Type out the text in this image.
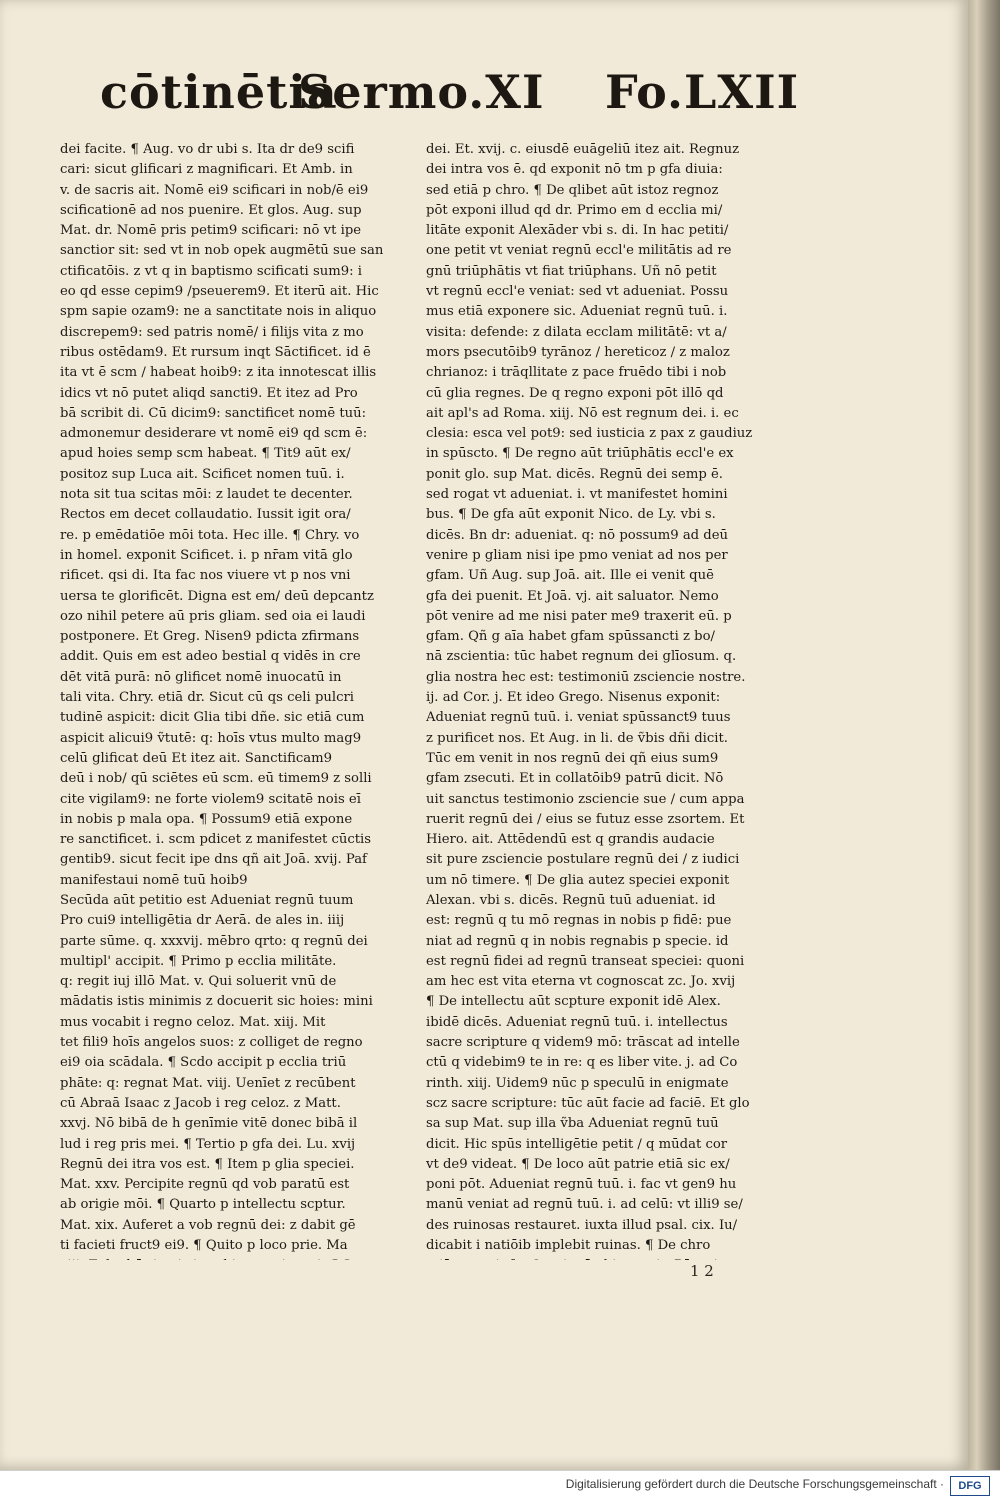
cōtinētia
Sermo.XI Fo.LXII
dei facite. ¶ Aug. vo dr ubi s. Ita dr de9 scifi
cari: sicut glificari z magnificari. Et Amb. in
v. de sacris ait. Nomē ei9 scificari in nob/ē ei9
scificationē ad nos puenire. Et glos. Aug. sup
Mat. dr. Nomē pris petim9 scificari: nō vt ipe
sanctior sit: sed vt in nob opek augmētū sue san
ctificatōis. z vt q in baptismo scificati sum9: i
eo qd esse cepim9 /pseuerem9. Et iterū ait. Hic
spm sapie ozam9: ne a sanctitate nois in aliquo
discrepem9: sed patris nomē/ i filijs vita z mo
ribus ostēdam9. Et rursum inqt Sāctificet. id ē
ita vt ē scm / habeat hoib9: z ita innotescat illis
idics vt nō putet aliqd sancti9. Et itez ad Pro
bā scribit di. Cū dicim9: sanctificet nomē tuū:
admonemur desiderare vt nomē ei9 qd scm ē:
apud hoies semp scm habeat. ¶ Tit9 aūt ex/
positoz sup Luca ait. Scificet nomen tuū. i.
nota sit tua scitas mōi: z laudet te decenter.
Rectos em decet collaudatio. Iussit igit ora/
re. p emēdatiōe mōi tota. Hec ille. ¶ Chry. vo
in homel. exponit Scificet. i. p nr̄am vitā glo
rificet. qsi di. Ita fac nos viuere vt p nos vni
uersa te glorificēt. Digna est em/ deū depcantz
ozo nihil petere aū pris gliam. sed oia ei laudi
postponere. Et Greg. Nisen9 pdicta zfirmans
addit. Quis em est adeo bestial q vidēs in cre
dēt vitā purā: nō glificet nomē inuocatū in
tali vita. Chry. etiā dr. Sicut cū qs celi pulcri
tudinē aspicit: dicit Glia tibi dñe. sic etiā cum
aspicit alicui9 ṽtutē: q: hoīs vtus multo mag9
celū glificat deū Et itez ait. Sanctificam9
deū i nob/ qū sciētes eū scm. eū timem9 z solli
cite vigilam9: ne forte violem9 scitatē nois eī
in nobis p mala opa. ¶ Possum9 etiā expone
re sanctificet. i. scm pdicet z manifestet cūctis
gentib9. sicut fecit ipe dns qñ ait Joā. xvij. Paf
manifestaui nomē tuū hoib9
Secūda aūt petitio est Adueniat regnū tuum
Pro cui9 intelligētia dr Aerā. de ales in. iiij
parte sūme. q. xxxvij. mēbro qrto: q regnū dei
multipl' accipit. ¶ Primo p ecclia militāte.
q: regit iuj illō Mat. v. Qui soluerit vnū de
mādatis istis minimis z docuerit sic hoies: mini
mus vocabit i regno celoz. Mat. xiij. Mit
tet fili9 hoīs angelos suos: z colliget de regno
ei9 oia scādala. ¶ Scdo accipit p ecclia triū
phāte: q: regnat Mat. viij. Uenīet z recūbent
cū Abraā Isaac z Jacob i reg celoz. z Matt.
xxvj. Nō bibā de h genīmie vitē donec bibā il
lud i reg pris mei. ¶ Tertio p gfa dei. Lu. xvij
Regnū dei itra vos est. ¶ Item p glia speciei.
Mat. xxv. Percipite regnū qd vob paratū est
ab origie mōi. ¶ Quarto p intellectu scptur.
Mat. xix. Auferet a vob regnū dei: z dabit gē
ti facieti fruct9 ei9. ¶ Quito p loco prie. Ma
dei. Et. xvij. c. eiusdē euāgeliū itez ait. Regnuz
dei intra vos ē. qd exponit nō tm p gfa diuia:
sed etiā p chro. ¶ De qlibet aūt istoz regnoz
pōt exponi illud qd dr. Primo em d ecclia mi/
litāte exponit Alexāder vbi s. di. In hac petiti/
one petit vt veniat regnū eccl'e militātis ad re
gnū triūphātis vt fiat triūphans. Uñ nō petit
vt regnū eccl'e veniat: sed vt adueniat. Possu
mus etiā exponere sic. Adueniat regnū tuū. i.
visita: defende: z dilata ecclam militātē: vt a/
mors psecutōib9 tyrānoz / hereticoz / z maloz
chrianoz: i trāqllitate z pace fruēdo tibi i nob
cū glia regnes. De q regno exponi pōt illō qd
ait apl's ad Roma. xiij. Nō est regnum dei. i. ec
clesia: esca vel pot9: sed iusticia z pax z gaudiuz
in spūscto. ¶ De regno aūt triūphātis eccl'e ex
ponit glo. sup Mat. dicēs. Regnū dei semp ē.
sed rogat vt adueniat. i. vt manifestet homini
bus. ¶ De gfa aūt exponit Nico. de Ly. vbi s.
dicēs. Bn dr: adueniat. q: nō possum9 ad deū
venire p gliam nisi ipe pmo veniat ad nos per
gfam. Uñ Aug. sup Joā. ait. Ille ei venit quē
gfa dei puenit. Et Joā. vj. ait saluator. Nemo
pōt venire ad me nisi pater me9 traxerit eū. p
gfam. Qñ g aīa habet gfam spūssancti z bo/
nā zscientia: tūc habet regnum dei glīosum. q.
glia nostra hec est: testimoniū zsciencie nostre.
ij. ad Cor. j. Et ideo Grego. Nisenus exponit:
Adueniat regnū tuū. i. veniat spūssanct9 tuus
z purificet nos. Et Aug. in li. de ṽbis dñi dicit.
Tūc em venit in nos regnū dei qñ eius sum9
gfam zsecuti. Et in collatōib9 patrū dicit. Nō
uit sanctus testimonio zsciencie sue / cum appa
ruerit regnū dei / eius se futuz esse zsortem. Et
Hiero. ait. Attēdendū est q grandis audacie
sit pure zsciencie postulare regnū dei / z iudici
um nō timere. ¶ De glia autez speciei exponit
Alexan. vbi s. dicēs. Regnū tuū adueniat. id
est: regnū q tu mō regnas in nobis p fidē: pue
niat ad regnū q in nobis regnabis p specie. id
est regnū fidei ad regnū transeat speciei: quoni
am hec est vita eterna vt cognoscat zc. Jo. xvij
¶ De intellectu aūt scpture exponit idē Alex.
ibidē dicēs. Adueniat regnū tuū. i. intellectus
sacre scripture q videm9 mō: trāscat ad intelle
ctū q videbim9 te in re: q es liber vite. j. ad Co
rinth. xiij. Uidem9 nūc p speculū in enigmate
scz sacre scripture: tūc aūt facie ad faciē. Et glo
sa sup Mat. sup illa ṽba Adueniat regnū tuū
dicit. Hic spūs intelligētie petit / q mūdat cor
vt de9 videat. ¶ De loco aūt patrie etiā sic ex/
poni pōt. Adueniat regnū tuū. i. fac vt gen9 hu
manū veniat ad regnū tuū. i. ad celū: vt illi9 se/
des ruinosas restauret. iuxta illud psal. cix. Iu/
dicabit i natiōib implebit ruinas. ¶ De chro
1 2
Digitalisierung gefördert durch die Deutsche Forschungsgemeinschaft ·	DFG
